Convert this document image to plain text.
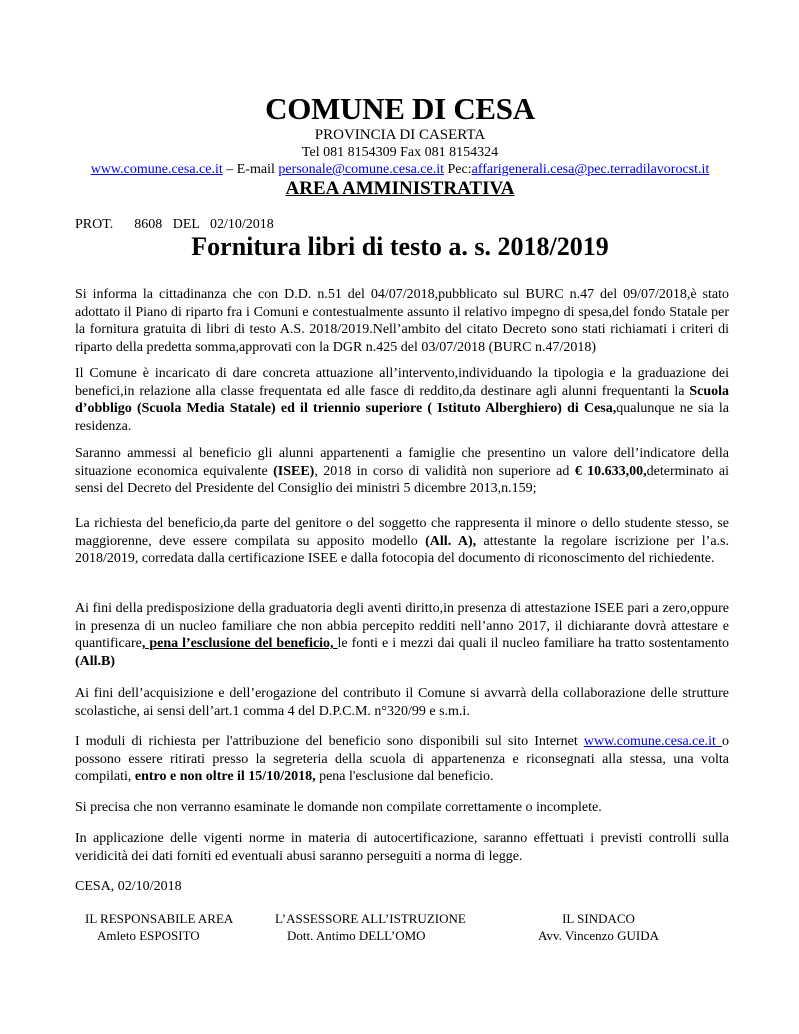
COMUNE DI CESA
PROVINCIA DI CASERTA
Tel 081 8154309 Fax 081 8154324
www.comune.cesa.ce.it – E-mail personale@comune.cesa.ce.it Pec:affarigenerali.cesa@pec.terradilavorocst.it
AREA AMMINISTRATIVA
PROT. 8608 DEL 02/10/2018
Fornitura libri di testo a. s. 2018/2019
Si informa la cittadinanza che con D.D. n.51 del 04/07/2018,pubblicato sul BURC n.47 del 09/07/2018,è stato adottato il Piano di riparto fra i Comuni e contestualmente assunto il relativo impegno di spesa,del fondo Statale per la fornitura gratuita di libri di testo A.S. 2018/2019.Nell’ambito del citato Decreto sono stati richiamati i criteri di riparto della predetta somma,approvati con la DGR n.425 del 03/07/2018 (BURC n.47/2018)
Il Comune è incaricato di dare concreta attuazione all’intervento,individuando la tipologia e la graduazione dei benefici,in relazione alla classe frequentata ed alle fasce di reddito,da destinare agli alunni frequentanti la Scuola d’obbligo (Scuola Media Statale) ed il triennio superiore ( Istituto Alberghiero) di Cesa,qualunque ne sia la residenza.
Saranno ammessi al beneficio gli alunni appartenenti a famiglie che presentino un valore dell’indicatore della situazione economica equivalente (ISEE), 2018 in corso di validità non superiore ad € 10.633,00,determinato ai sensi del Decreto del Presidente del Consiglio dei ministri 5 dicembre 2013,n.159;
La richiesta del beneficio,da parte del genitore o del soggetto che rappresenta il minore o dello studente stesso, se maggiorenne, deve essere compilata su apposito modello (All. A), attestante la regolare iscrizione per l’a.s. 2018/2019, corredata dalla certificazione ISEE e dalla fotocopia del documento di riconoscimento del richiedente.
Ai fini della predisposizione della graduatoria degli aventi diritto,in presenza di attestazione ISEE pari a zero,oppure in presenza di un nucleo familiare che non abbia percepito redditi nell’anno 2017, il dichiarante dovrà attestare e quantificare, pena l’esclusione del beneficio, le fonti e i mezzi dai quali il nucleo familiare ha tratto sostentamento (All.B)
Ai fini dell’acquisizione e dell’erogazione del contributo il Comune si avvarrà della collaborazione delle strutture scolastiche, ai sensi dell’art.1 comma 4 del D.P.C.M. n°320/99 e s.m.i.
I moduli di richiesta per l'attribuzione del beneficio sono disponibili sul sito Internet www.comune.cesa.ce.it o possono essere ritirati presso la segreteria della scuola di appartenenza e riconsegnati alla stessa, una volta compilati, entro e non oltre il 15/10/2018, pena l'esclusione dal beneficio.
Si precisa che non verranno esaminate le domande non compilate correttamente o incomplete.
In applicazione delle vigenti norme in materia di autocertificazione, saranno effettuati i previsti controlli sulla veridicità dei dati forniti ed eventuali abusi saranno perseguiti a norma di legge.
CESA, 02/10/2018
IL RESPONSABILE AREA
Amleto ESPOSITO
L’ASSESSORE ALL’ISTRUZIONE
Dott. Antimo DELL’OMO
IL SINDACO
Avv. Vincenzo GUIDA
